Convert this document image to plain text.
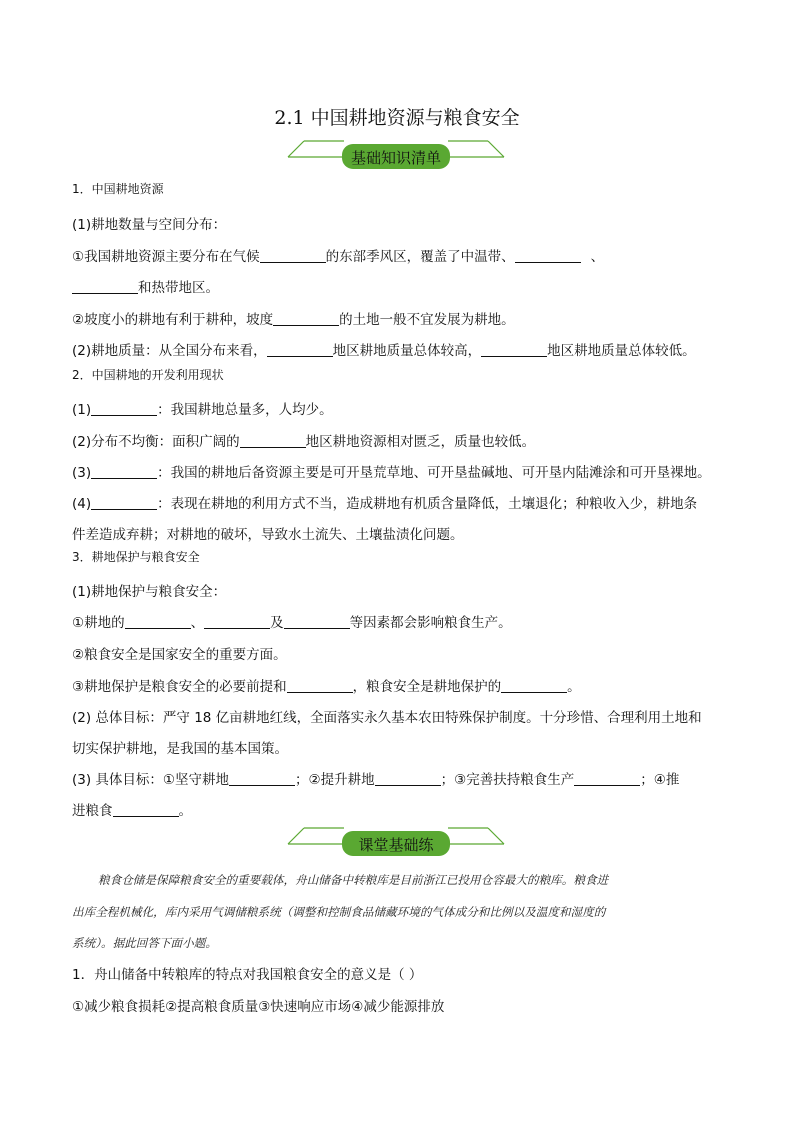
2.1 中国耕地资源与粮食安全
基础知识清单
1．中国耕地资源
(1)耕地数量与空间分布：
①我国耕地资源主要分布在气候	的东部季风区，覆盖了中温带、	、
和热带地区。
②坡度小的耕地有利于耕种，坡度	的土地一般不宜发展为耕地。
(2)耕地质量：从全国分布来看，	地区耕地质量总体较高，	地区耕地质量总体较低。
2．中国耕地的开发利用现状
(1)	：我国耕地总量多，人均少。
(2)分布不均衡：面积广阔的	地区耕地资源相对匮乏，质量也较低。
(3)	：我国的耕地后备资源主要是可开垦荒草地、可开垦盐碱地、可开垦内陆滩涂和可开垦裸地。
(4)	：表现在耕地的利用方式不当，造成耕地有机质含量降低，土壤退化；种粮收入少，耕地条
件差造成弃耕；对耕地的破坏，导致水土流失、土壤盐渍化问题。
3．耕地保护与粮食安全
(1)耕地保护与粮食安全：
①耕地的	、	及	等因素都会影响粮食生产。
②粮食安全是国家安全的重要方面。
③耕地保护是粮食安全的必要前提和	，粮食安全是耕地保护的	。
(2) 总体目标：严守 18 亿亩耕地红线，全面落实永久基本农田特殊保护制度。十分珍惜、合理利用土地和
切实保护耕地，是我国的基本国策。
(3) 具体目标：①坚守耕地	；②提升耕地	；③完善扶持粮食生产	；④推
进粮食	。
课堂基础练
粮食仓储是保障粮食安全的重要载体，舟山储备中转粮库是目前浙江已投用仓容最大的粮库。粮食进
出库全程机械化，库内采用气调储粮系统（调整和控制食品储藏环境的气体成分和比例以及温度和湿度的
系统）。据此回答下面小题。
1．舟山储备中转粮库的特点对我国粮食安全的意义是（ ）
①减少粮食损耗②提高粮食质量③快速响应市场④减少能源排放
